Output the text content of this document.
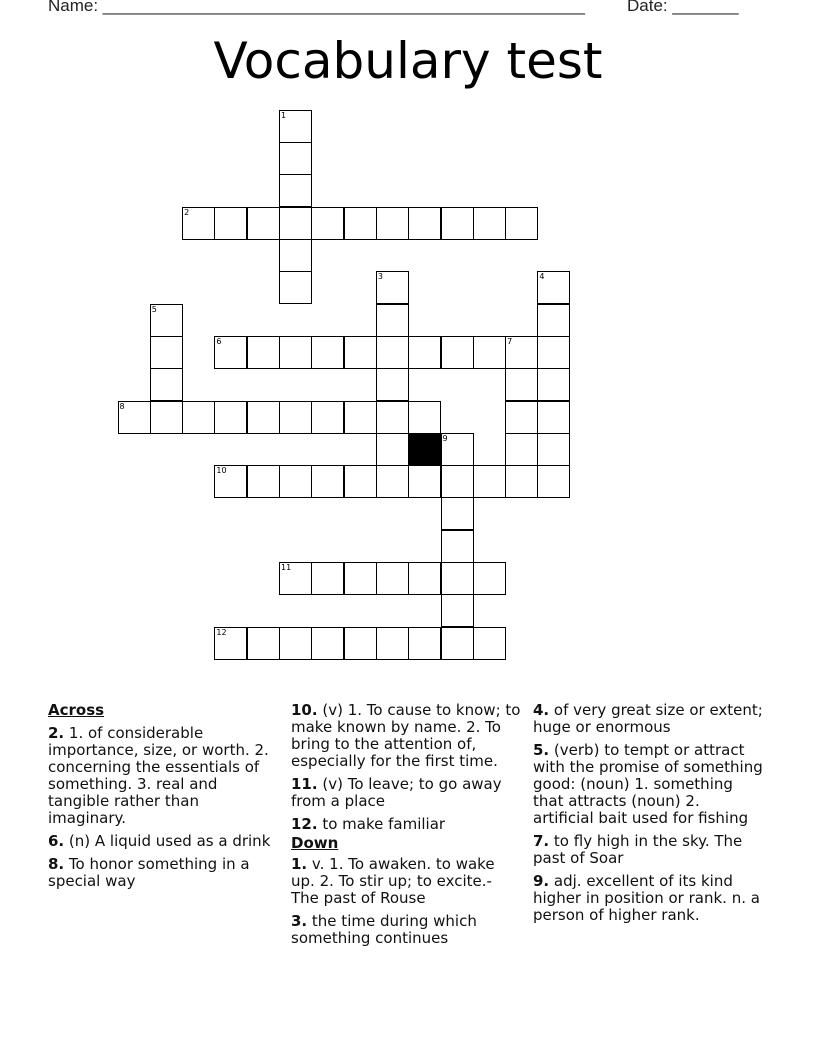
Name: ___________________________________________________ Date: _______
Vocabulary test
1
2
3	4
5
6	7
8
9
10
11
12
Across
2. 1. of considerable importance, size, or worth. 2. concerning the essentials of something. 3. real and tangible rather than imaginary.
6. (n) A liquid used as a drink
8. To honor something in a special way
10. (v) 1. To cause to know; to make known by name. 2. To bring to the attention of, especially for the first time.
11. (v) To leave; to go away from a place
12. to make familiar
Down
1. v. 1. To awaken. to wake up. 2. To stir up; to excite.- The past of Rouse
3. the time during which something continues
4. of very great size or extent; huge or enormous
5. (verb) to tempt or attract with the promise of something good: (noun) 1. something that attracts (noun) 2. artificial bait used for fishing
7. to fly high in the sky. The past of Soar
9. adj. excellent of its kind higher in position or rank. n. a person of higher rank.
